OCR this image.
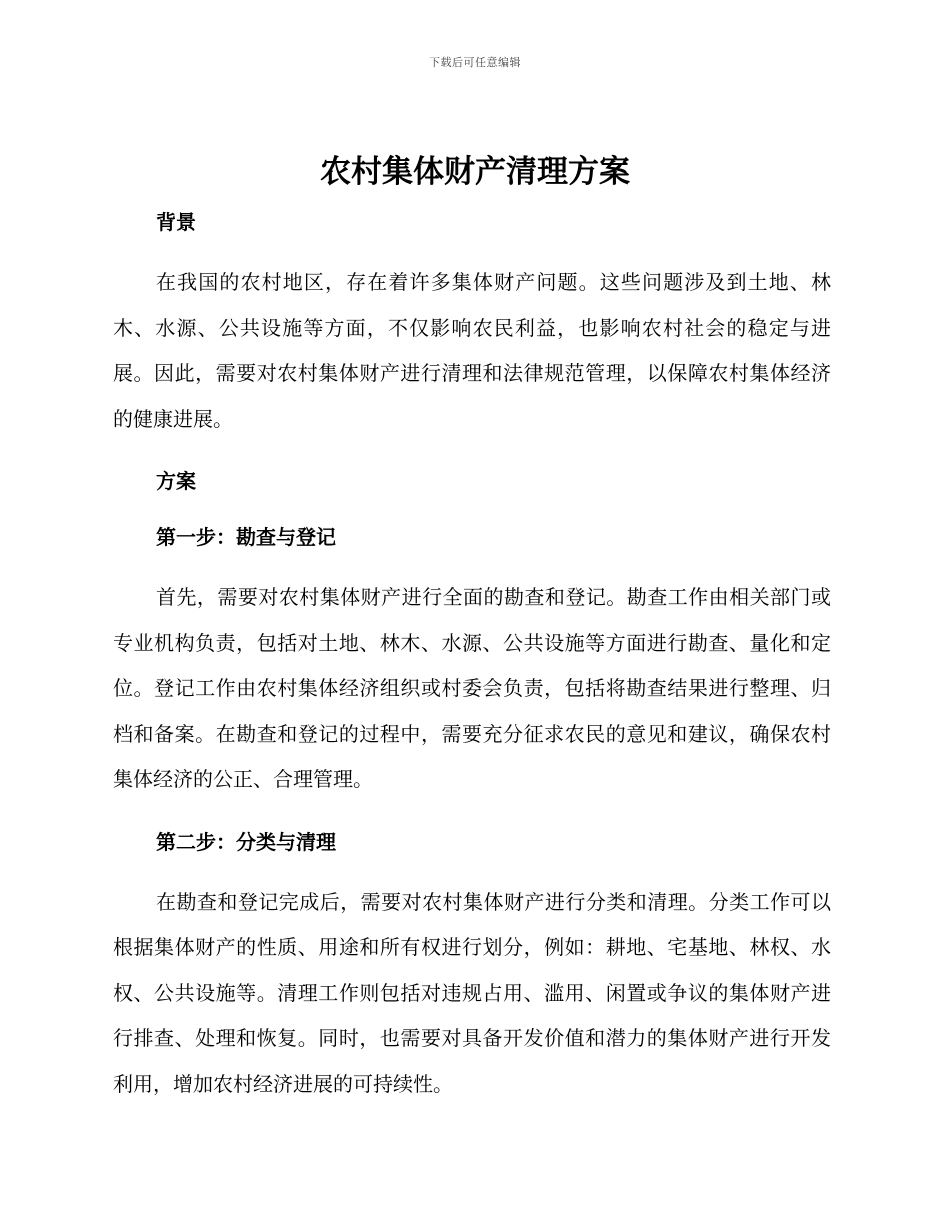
下载后可任意编辑
农村集体财产清理方案
背景

在我国的农村地区，存在着许多集体财产问题。这些问题涉及到土地、林木、水源、公共设施等方面，不仅影响农民利益，也影响农村社会的稳定与进展。因此，需要对农村集体财产进行清理和法律规范管理，以保障农村集体经济的健康进展。

方案
第一步：勘查与登记

首先，需要对农村集体财产进行全面的勘查和登记。勘查工作由相关部门或专业机构负责，包括对土地、林木、水源、公共设施等方面进行勘查、量化和定位。登记工作由农村集体经济组织或村委会负责，包括将勘查结果进行整理、归档和备案。在勘查和登记的过程中，需要充分征求农民的意见和建议，确保农村集体经济的公正、合理管理。

第二步：分类与清理

在勘查和登记完成后，需要对农村集体财产进行分类和清理。分类工作可以根据集体财产的性质、用途和所有权进行划分，例如：耕地、宅基地、林权、水权、公共设施等。清理工作则包括对违规占用、滥用、闲置或争议的集体财产进行排查、处理和恢复。同时，也需要对具备开发价值和潜力的集体财产进行开发利用，增加农村经济进展的可持续性。
